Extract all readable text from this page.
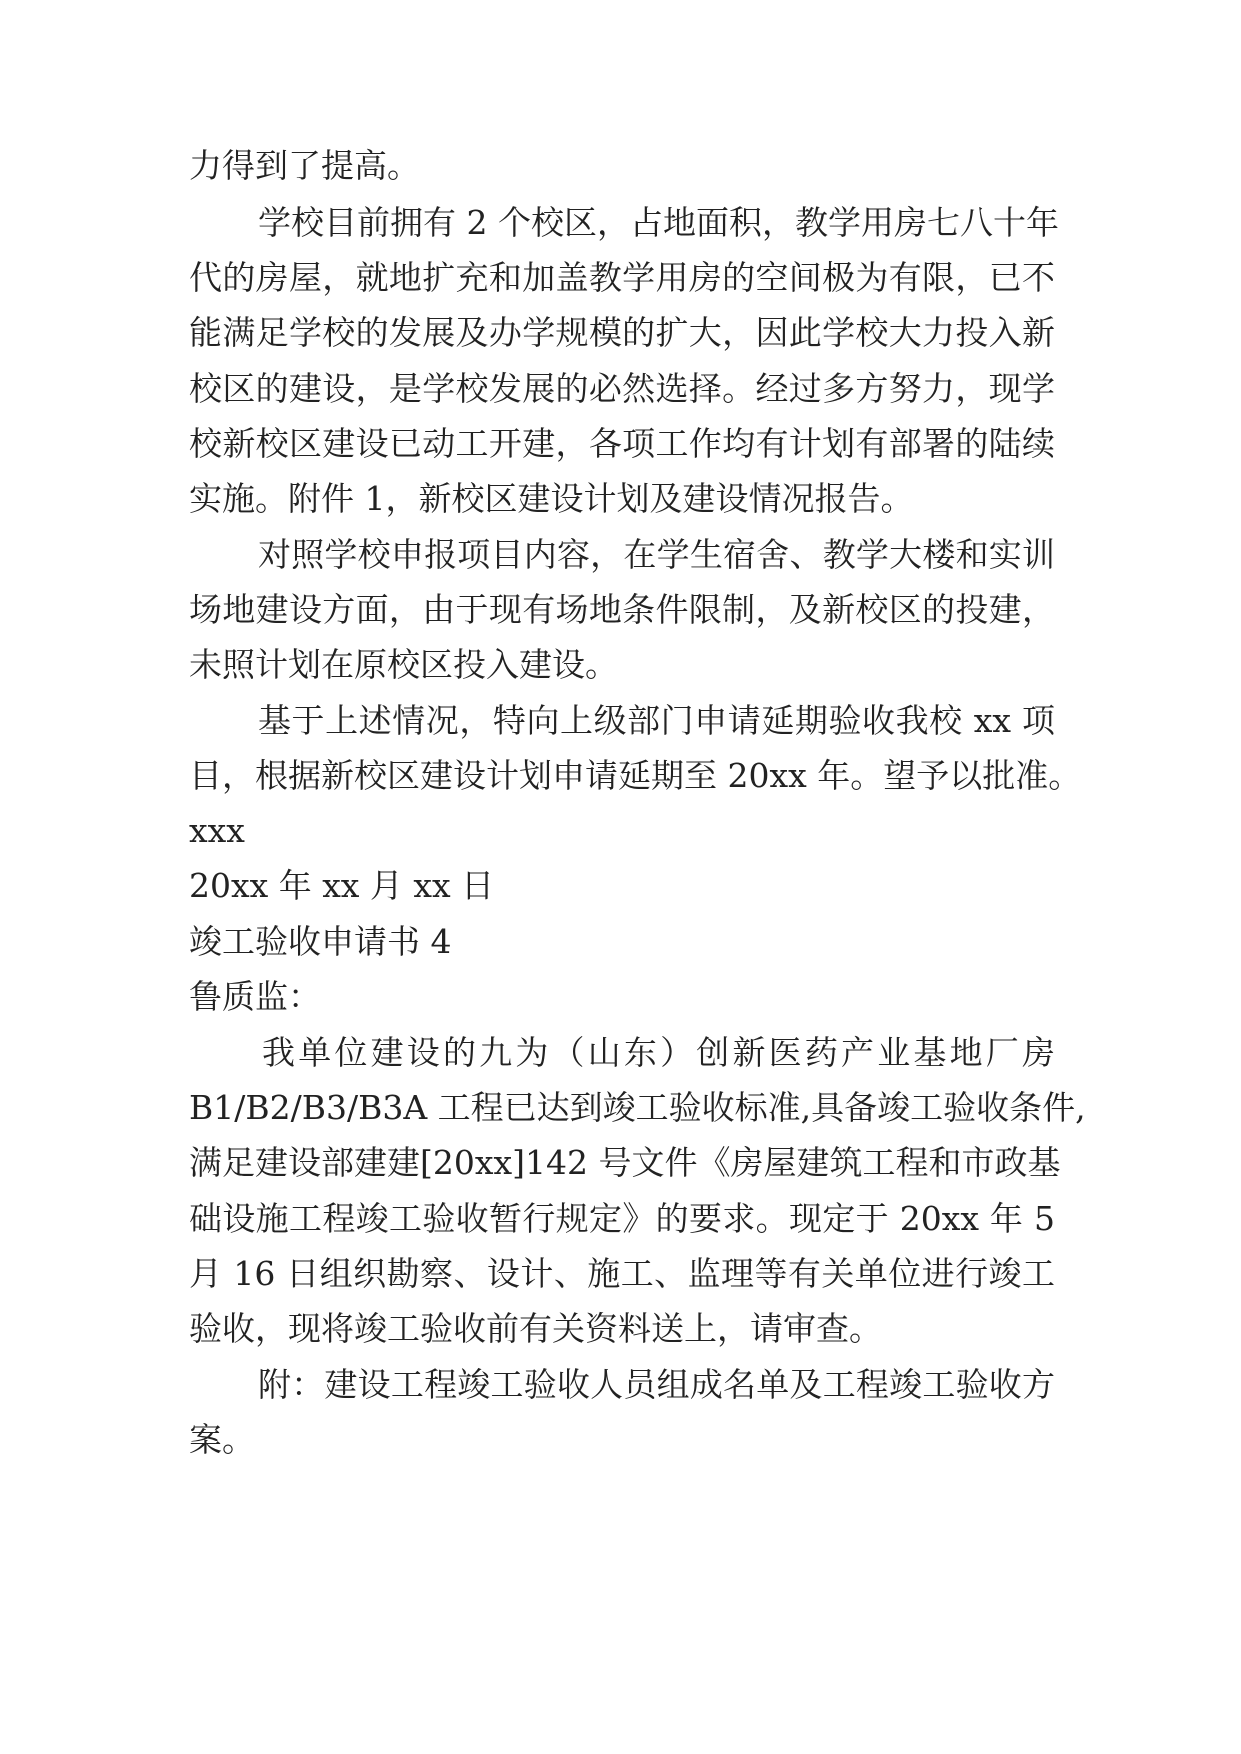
力得到了提高。

学校目前拥有 2 个校区，占地面积，教学用房七八十年

代的房屋，就地扩充和加盖教学用房的空间极为有限，已不

能满足学校的发展及办学规模的扩大，因此学校大力投入新

校区的建设，是学校发展的必然选择。经过多方努力，现学

校新校区建设已动工开建，各项工作均有计划有部署的陆续

实施。附件 1，新校区建设计划及建设情况报告。

对照学校申报项目内容，在学生宿舍、教学大楼和实训

场地建设方面，由于现有场地条件限制，及新校区的投建，

未照计划在原校区投入建设。

基于上述情况，特向上级部门申请延期验收我校 xx 项

目，根据新校区建设计划申请延期至 20xx 年。望予以批准。

xxx

20xx 年 xx 月 xx 日

竣工验收申请书 4

鲁质监：

我单位建设的九为（山东）创新医药产业基地厂房

B1/B2/B3/B3A 工程已达到竣工验收标准,具备竣工验收条件,

满足建设部建建[20xx]142 号文件《房屋建筑工程和市政基

础设施工程竣工验收暂行规定》的要求。现定于 20xx 年 5

月 16 日组织勘察、设计、施工、监理等有关单位进行竣工

验收，现将竣工验收前有关资料送上，请审查。

附：建设工程竣工验收人员组成名单及工程竣工验收方

案。
